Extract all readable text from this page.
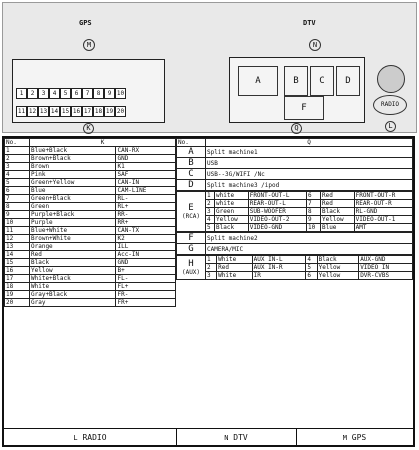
GPS
M
1 2 3 4 5 6 7 8 9 10
11 12 13 14 15 16 17 18 19 20
K
DTV
N
A	B	C	D
F
Q
RADIO
L
No.	K	
1	Blue+Black	CAN-RX
2	Brown+Black	GND
3	Brown	K1
4	Pink	SAF
5	Green+Yellow	CAN-IN
6	Blue	CAM-LINE
7	Green+Black	RL-
8	Green	RL+
9	Purple+Black	RR-
10	Purple	RR+
11	Blue+White	CAN-TX
12	Brown+White	K2
13	Orange	ILL
14	Red	Acc-IN
15	Black	GND
16	Yellow	B+
17	White+Black	FL-
18	White	FL+
19	Gray+Black	FR-
20	Gray	FR+
No.	Q
A	Split machine1
B	USB
C	USB--3G/WIFI /Nc
D	Split machine3 /ipod
E
(RCA)	1	white	FRONT-OUT-L	6	Red	FRONT-OUT-R
	2	white	REAR-OUT-L	7	Red	REAR-OUT-R
	3	Green	SUB-WOOFER	8	Black	RL-GND
	4	Yellow	VIDEO-OUT-2	9	Yellow	VIDEO-OUT-1
	5	Black	VIDEO-GND	10	Blue	AMT
F	Split machine2
G	CAMERA/MIC
H
(AUX)	1	White	AUX IN-L	4	Black	AUX-GND
	2	Red	AUX IN-R	5	Yellow	VIDEO IN
	3	White	IR	6	Yellow	DVR-CVBS
L RADIO	N DTV	M GPS
